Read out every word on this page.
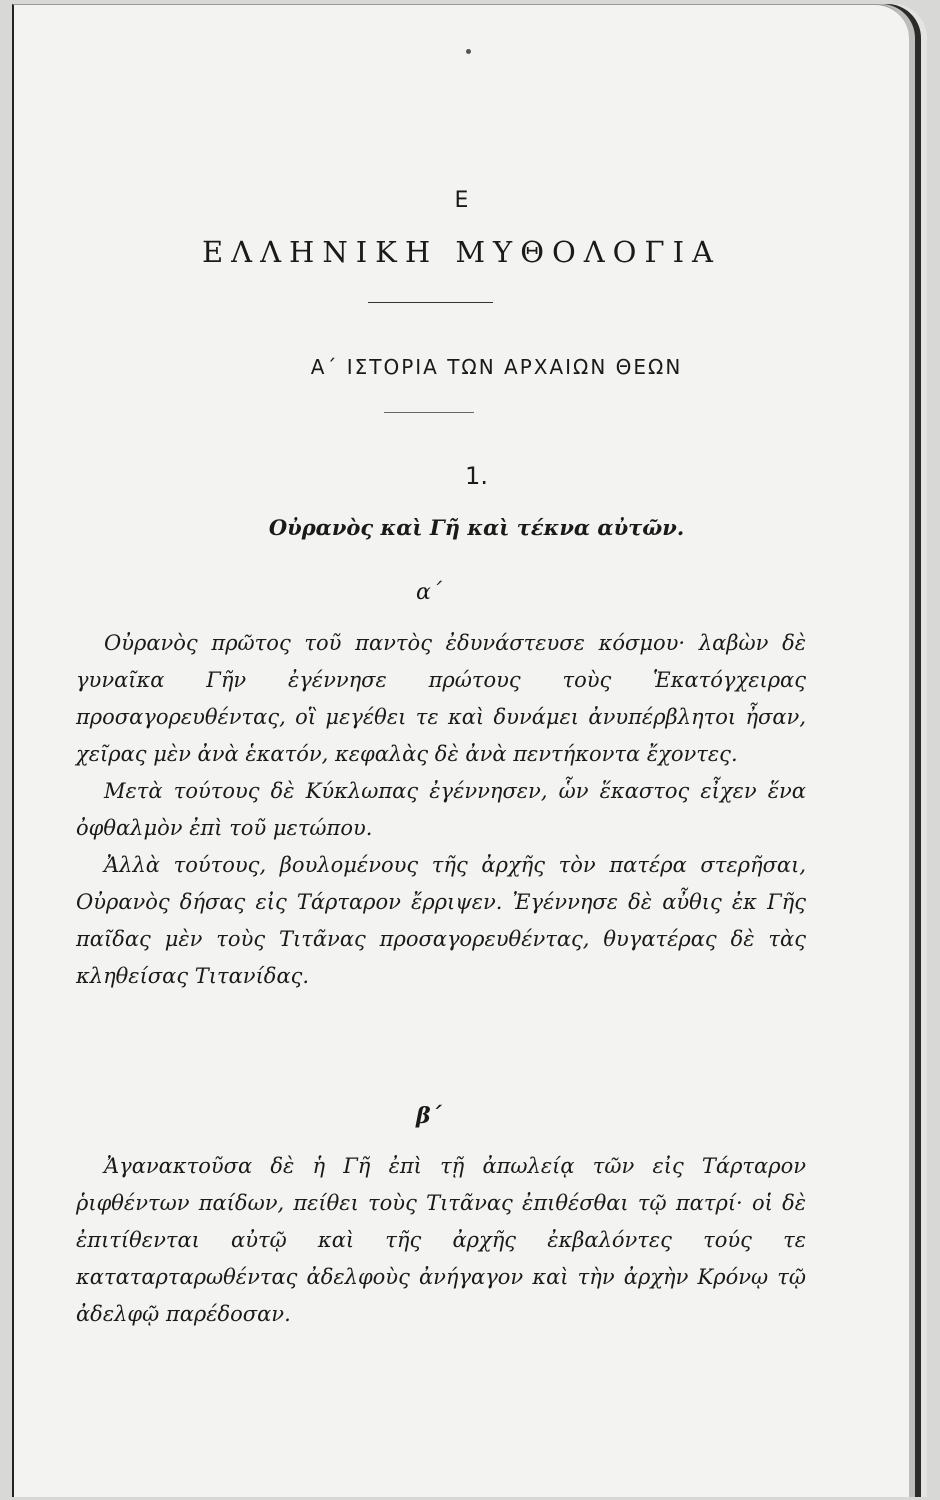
E
ΕΛΛΗΝΙΚΗ ΜΥΘΟΛΟΓΙΑ
Α΄ ΙΣΤΟΡΙΑ ΤΩΝ ΑΡΧΑΙΩΝ ΘΕΩΝ
1.
Οὐρανὸς καὶ Γῆ καὶ τέκνα αὐτῶν.
α΄

Οὐρανὸς πρῶτος τοῦ παντὸς ἐδυνάστευσε κόσμου· λαβὼν δὲ γυναῖκα Γῆν ἐγέννησε πρώτους τοὺς Ἑκατόγχειρας προσαγορευθέντας, οἳ μεγέθει τε καὶ δυνάμει ἀνυπέρβλητοι ἦσαν, χεῖρας μὲν ἀνὰ ἑκατόν, κεφαλὰς δὲ ἀνὰ πεντήκοντα ἔχοντες.

Μετὰ τούτους δὲ Κύκλωπας ἐγέννησεν, ὧν ἕκαστος εἶχεν ἕνα ὀφθαλμὸν ἐπὶ τοῦ μετώπου.

Ἀλλὰ τούτους, βουλομένους τῆς ἀρχῆς τὸν πατέρα στερῆσαι, Οὐρανὸς δήσας εἰς Τάρταρον ἔρριψεν. Ἐγέννησε δὲ αὖθις ἐκ Γῆς παῖδας μὲν τοὺς Τιτᾶνας προσαγορευθέντας, θυγατέρας δὲ τὰς κληθείσας Τιτανίδας.

β΄

Ἀγανακτοῦσα δὲ ἡ Γῆ ἐπὶ τῇ ἀπωλείᾳ τῶν εἰς Τάρταρον ῥιφθέντων παίδων, πείθει τοὺς Τιτᾶνας ἐπιθέσθαι τῷ πατρί· οἱ δὲ ἐπιτίθενται αὐτῷ καὶ τῆς ἀρχῆς ἐκβαλόντες τούς τε καταταρταρωθέντας ἀδελφοὺς ἀνήγαγον καὶ τὴν ἀρχὴν Κρόνῳ τῷ ἀδελφῷ παρέδοσαν.
